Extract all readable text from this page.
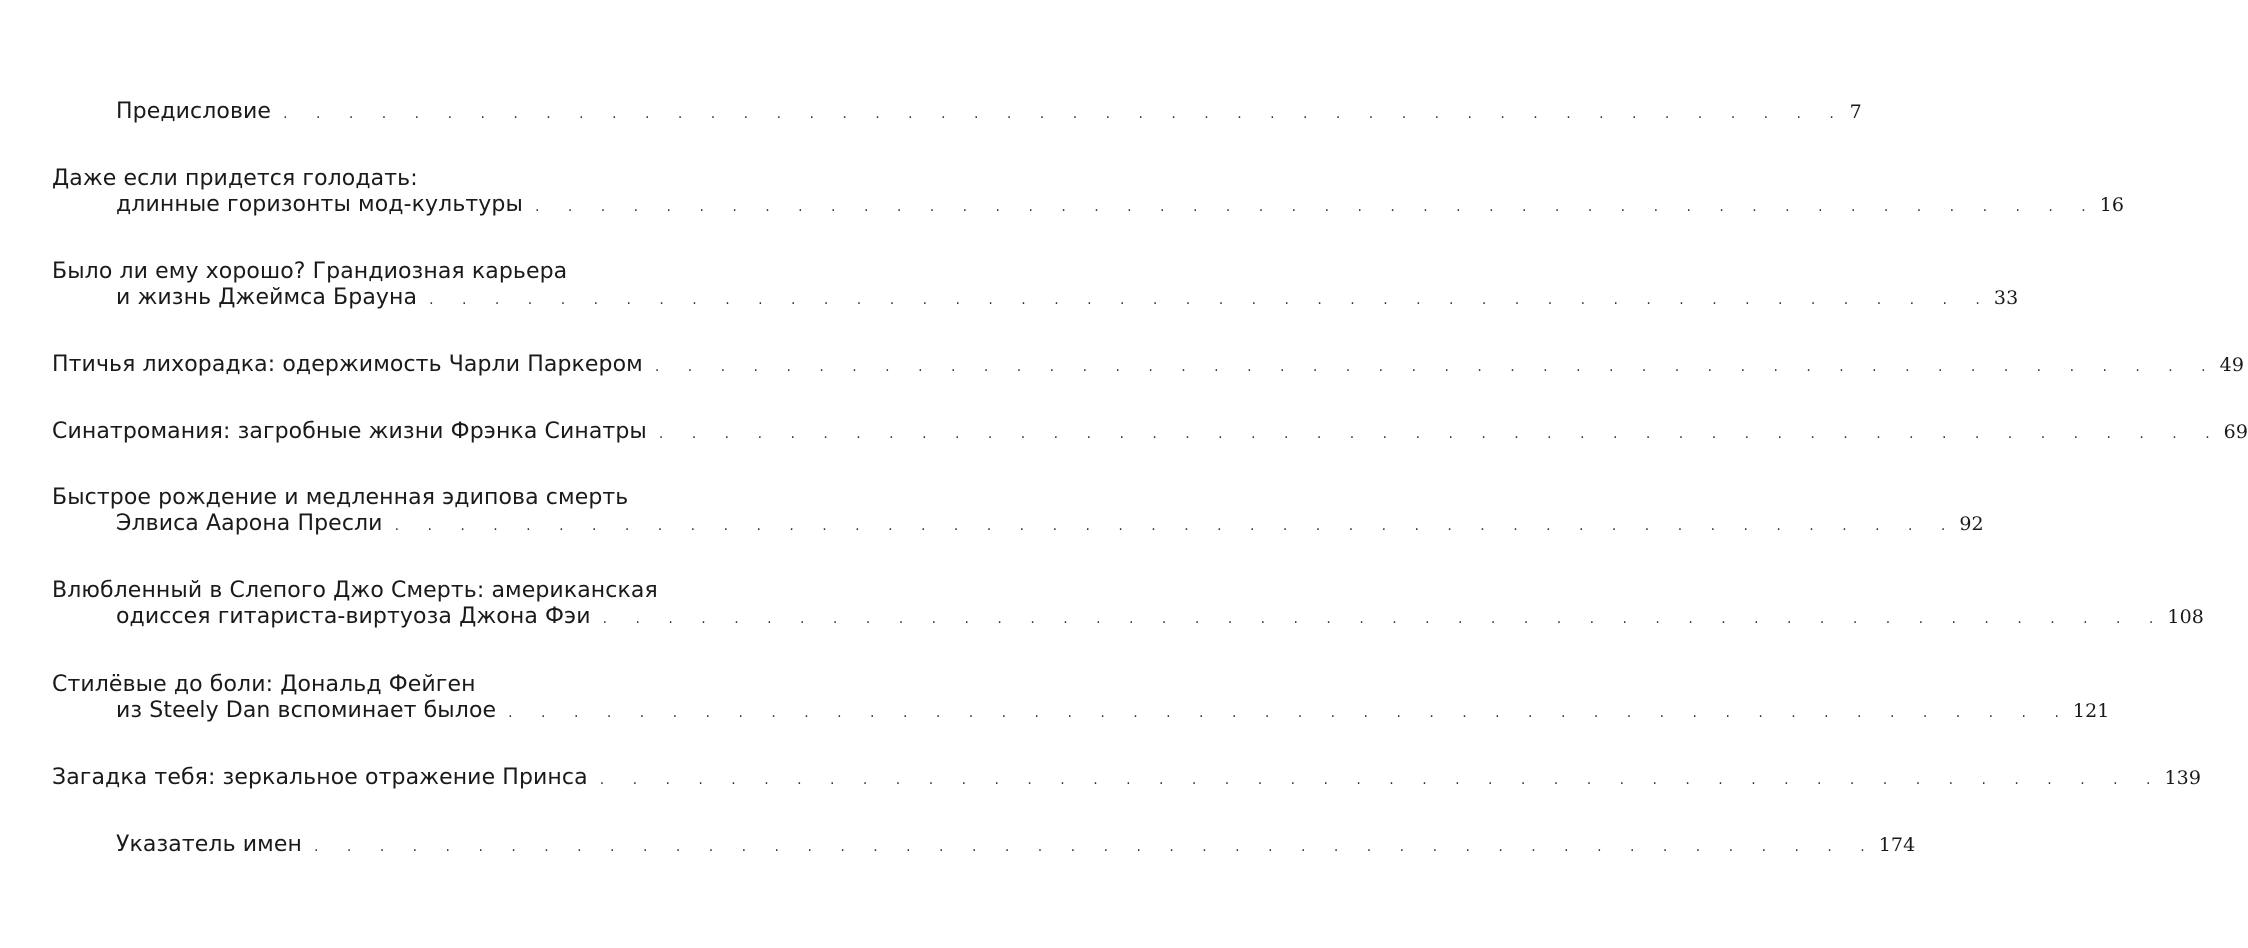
Предисловие . . . . . . . . . . . . . . . . . . . . . . . . . . . . . . . . . . . . . . . . . . . . . . . . 7
Даже если придется голодать:
длинные горизонты мод-культуры . . . . . . . . . . . . . . . . . . . . . . . . . . . . . . . . . . . . . . . . . . . . . . . . 16
Было ли ему хорошо? Грандиозная карьера
и жизнь Джеймса Брауна . . . . . . . . . . . . . . . . . . . . . . . . . . . . . . . . . . . . . . . . . . . . . . . . 33
Птичья лихорадка: одержимость Чарли Паркером . . . . . . . . . . . . . . . . . . . . . . . . . . . . . . . . . . . . . . . . . . . . . . . . 49
Синатромания: загробные жизни Фрэнка Синатры . . . . . . . . . . . . . . . . . . . . . . . . . . . . . . . . . . . . . . . . . . . . . . . . 69
Быстрое рождение и медленная эдипова смерть
Элвиса Аарона Пресли . . . . . . . . . . . . . . . . . . . . . . . . . . . . . . . . . . . . . . . . . . . . . . . . 92
Влюбленный в Слепого Джо Смерть: американская
одиссея гитариста-виртуоза Джона Фэи . . . . . . . . . . . . . . . . . . . . . . . . . . . . . . . . . . . . . . . . . . . . . . . . 108
Стилёвые до боли: Дональд Фейген
из Steely Dan вспоминает былое . . . . . . . . . . . . . . . . . . . . . . . . . . . . . . . . . . . . . . . . . . . . . . . . 121
Загадка тебя: зеркальное отражение Принса . . . . . . . . . . . . . . . . . . . . . . . . . . . . . . . . . . . . . . . . . . . . . . . . 139
Указатель имен . . . . . . . . . . . . . . . . . . . . . . . . . . . . . . . . . . . . . . . . . . . . . . . . 174
